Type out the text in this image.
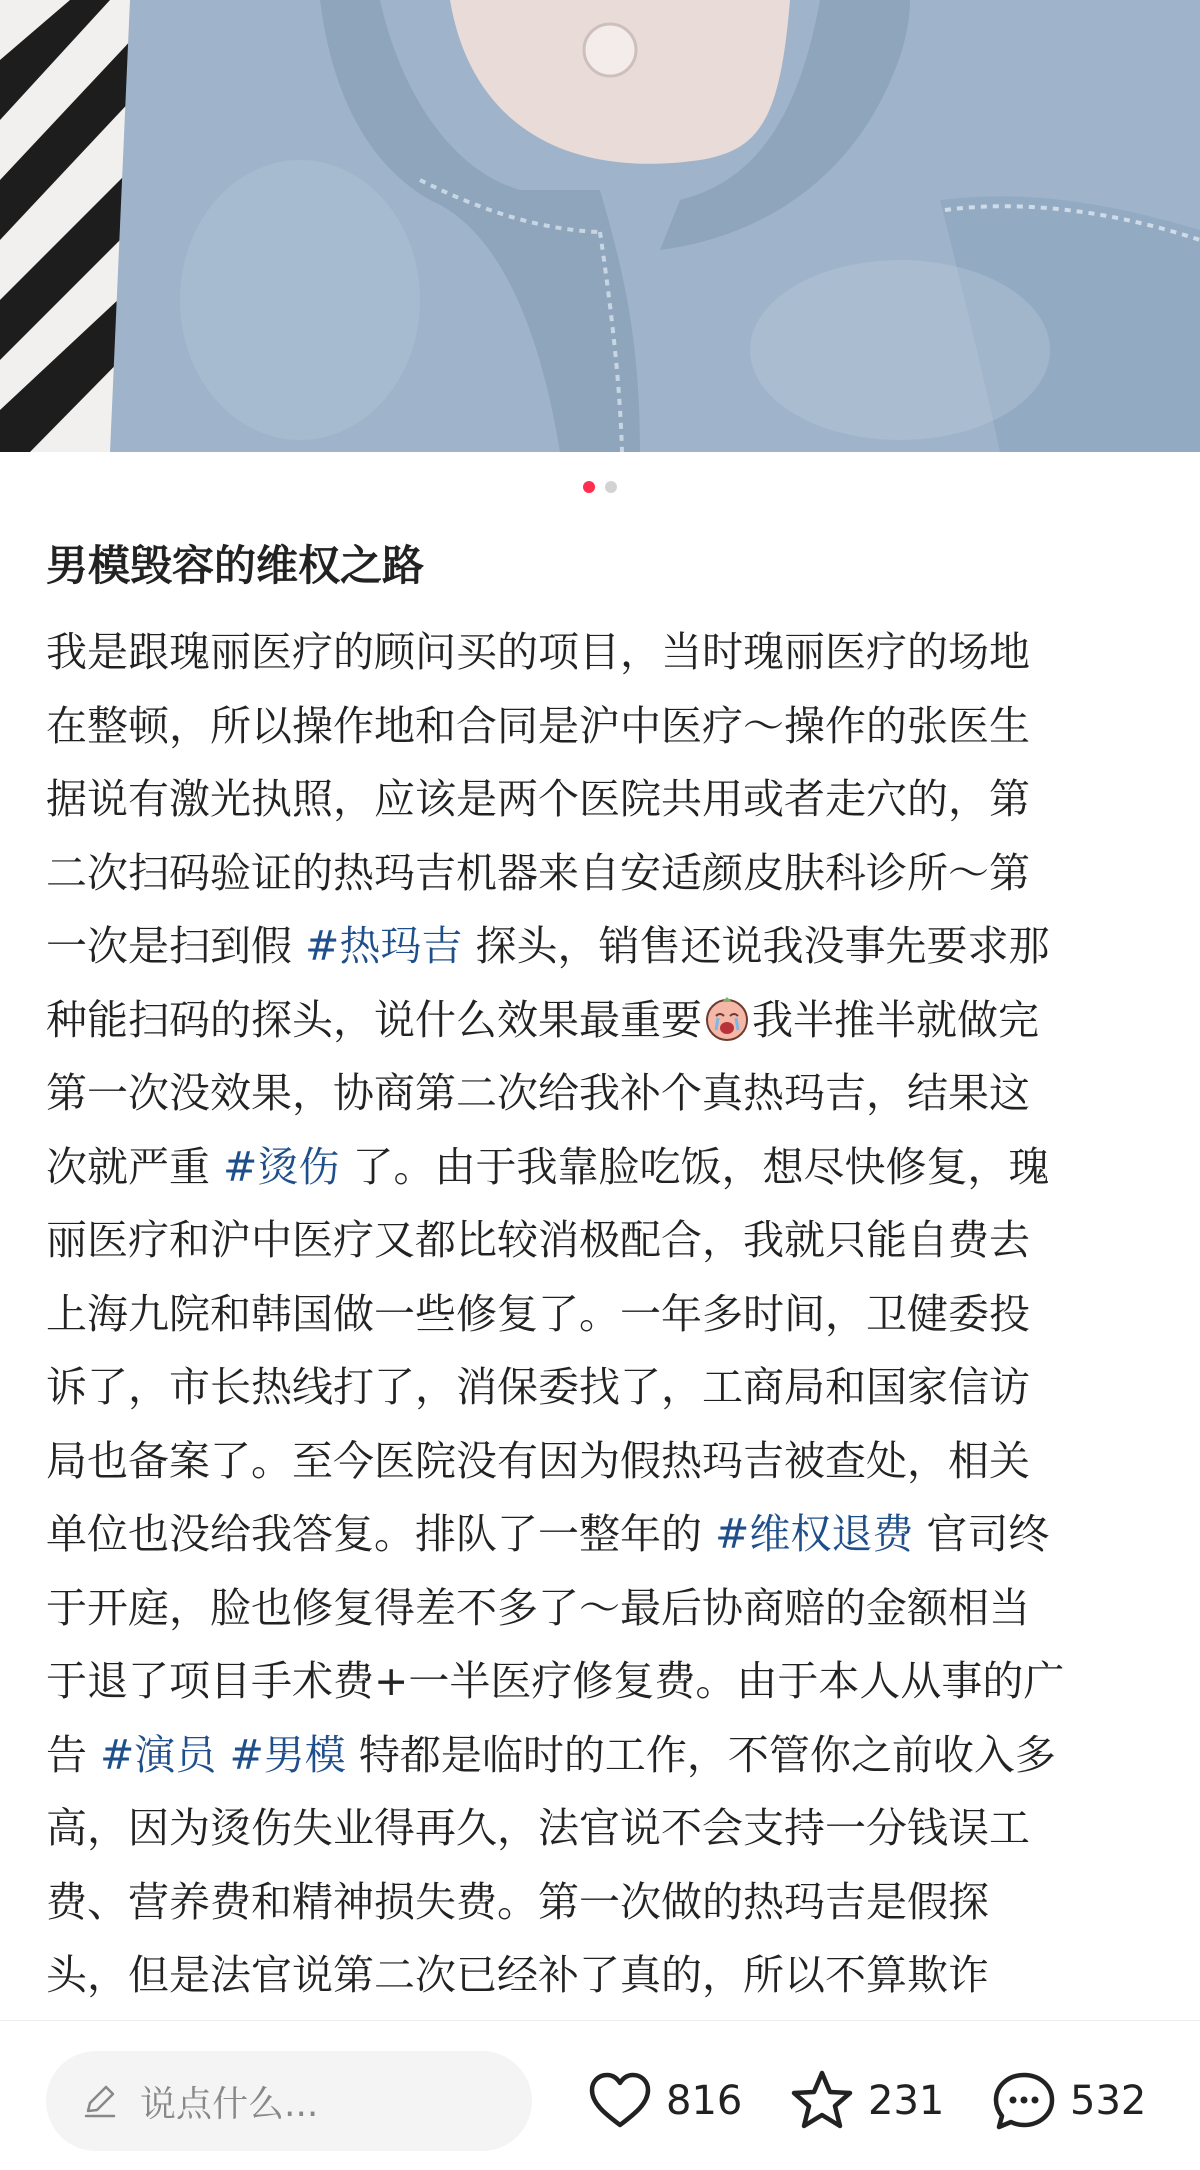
男模毁容的维权之路
我是跟瑰丽医疗的顾问买的项目，当时瑰丽医疗的场地
在整顿，所以操作地和合同是沪中医疗～操作的张医生
据说有激光执照，应该是两个医院共用或者走穴的，第
二次扫码验证的热玛吉机器来自安适颜皮肤科诊所～第
一次是扫到假 #热玛吉 探头，销售还说我没事先要求那
种能扫码的探头，说什么效果最重要 我半推半就做完
第一次没效果，协商第二次给我补个真热玛吉，结果这
次就严重 #烫伤 了。由于我靠脸吃饭，想尽快修复，瑰
丽医疗和沪中医疗又都比较消极配合，我就只能自费去
上海九院和韩国做一些修复了。一年多时间，卫健委投
诉了，市长热线打了，消保委找了，工商局和国家信访
局也备案了。至今医院没有因为假热玛吉被查处，相关
单位也没给我答复。排队了一整年的 #维权退费 官司终
于开庭，脸也修复得差不多了～最后协商赔的金额相当
于退了项目手术费+一半医疗修复费。由于本人从事的广
告 #演员 #男模 特都是临时的工作，不管你之前收入多
高，因为烫伤失业得再久，法官说不会支持一分钱误工
费、营养费和精神损失费。第一次做的热玛吉是假探
头，但是法官说第二次已经补了真的，所以不算欺诈
说点什么...	816	231	532
